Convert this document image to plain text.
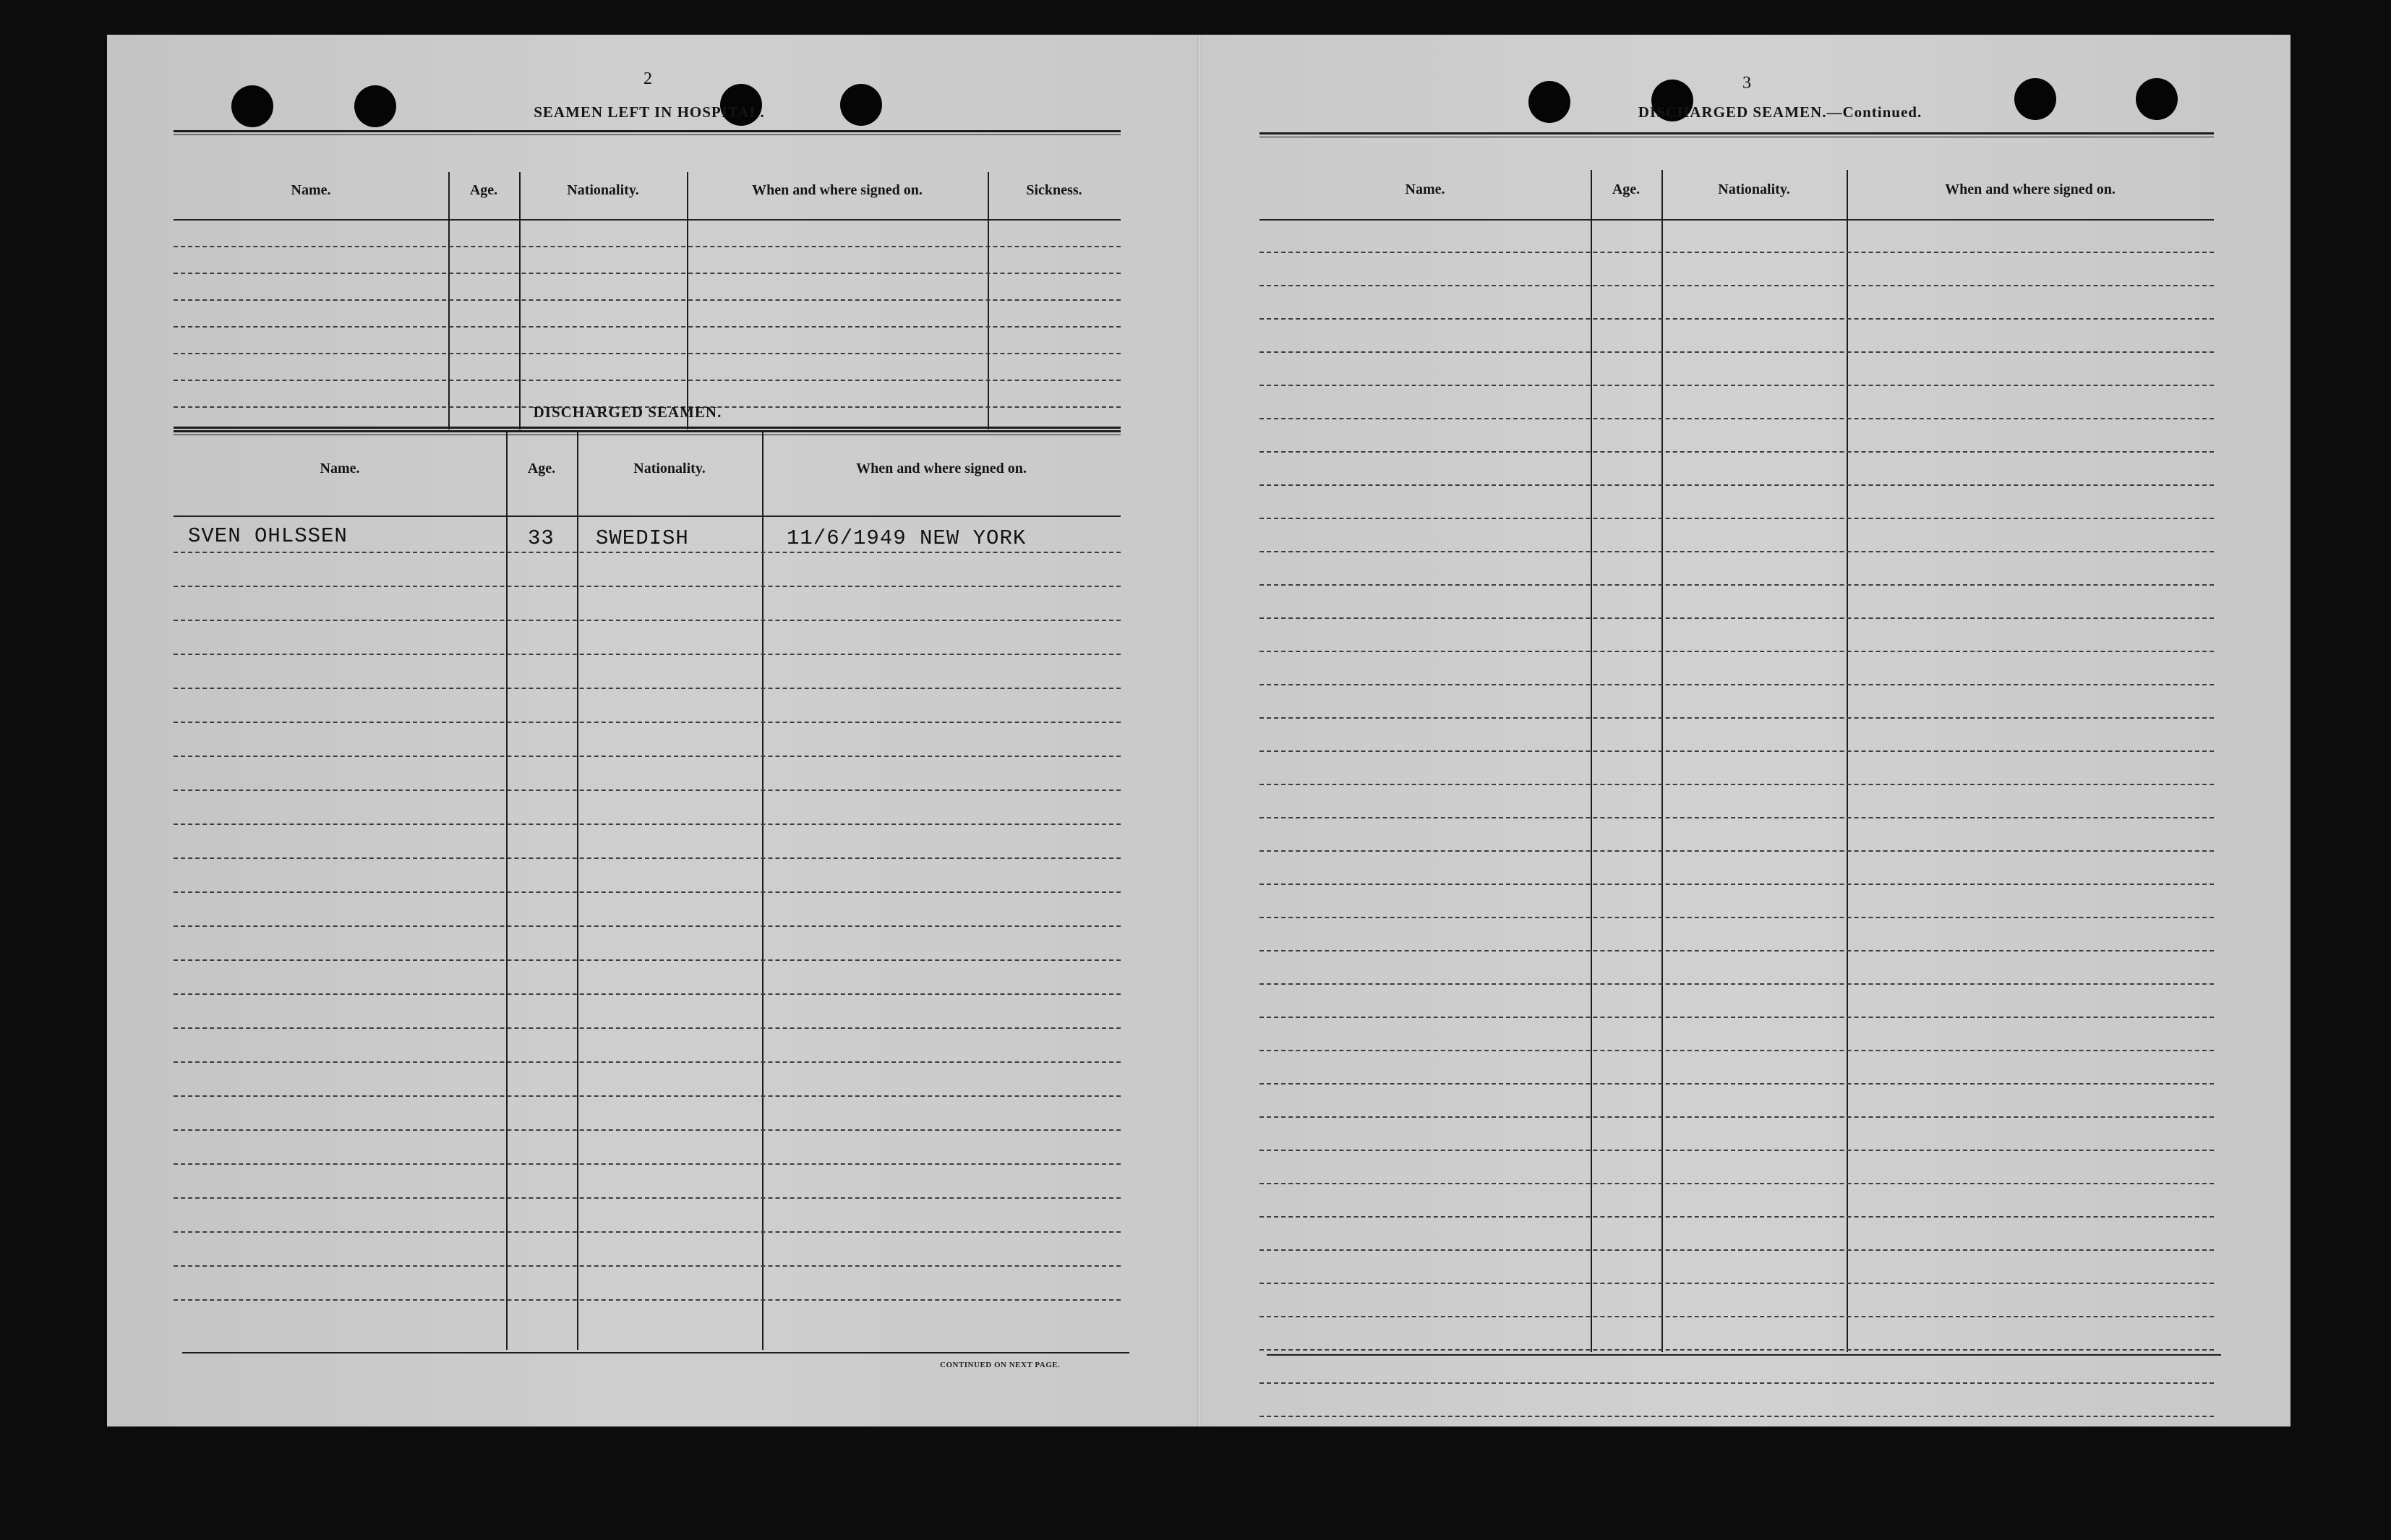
2
SEAMEN LEFT IN HOSPITAL.
Name.	Age.	Nationality.	When and where signed on.	Sickness.
DISCHARGED SEAMEN.
Name.	Age.	Nationality.	When and where signed on.
SVEN OHLSSEN	33 SWEDISH	11/6/1949 NEW YORK
CONTINUED ON NEXT PAGE.
3
DISCHARGED SEAMEN.—Continued.
Name.	Age.	Nationality.	When and where signed on.
